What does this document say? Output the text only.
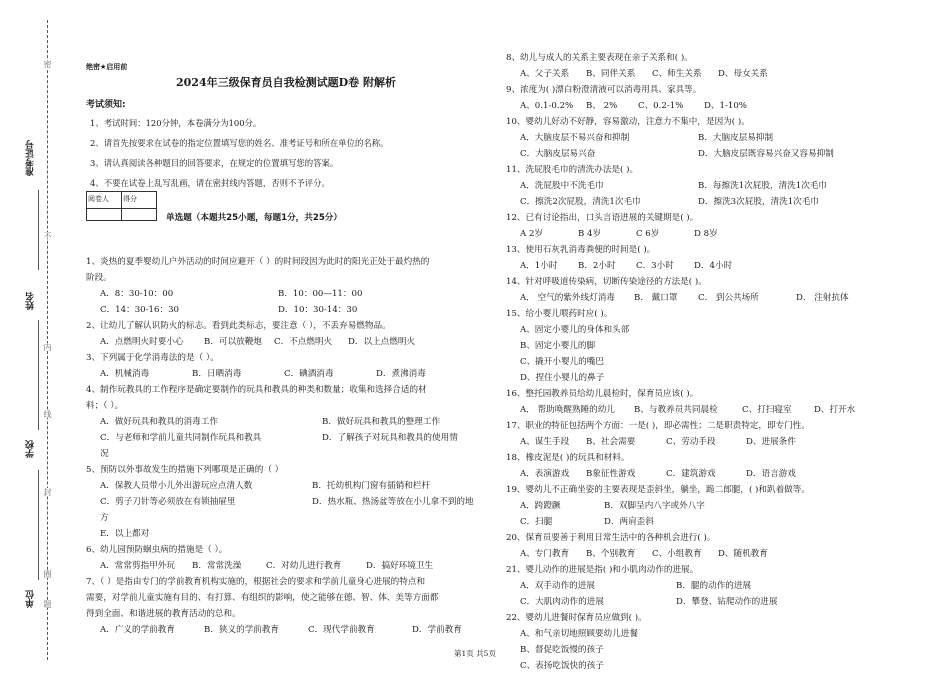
准考证号
姓名
学校
单位
密
不
内
线
封
圈
题
绝密★启用前
2024年三级保育员自我检测试题D卷 附解析
考试须知:
1、考试时间：120分钟，本卷满分为100分。
2、请首先按要求在试卷的指定位置填写您的姓名、准考证号和所在单位的名称。
3、请认真阅读各种题目的回答要求，在规定的位置填写您的答案。
4、不要在试卷上乱写乱画，请在密封线内答题，否则不予评分。
阅卷人	得分

单选题（本题共25小题，每题1分，共25分）
1、炎热的夏季婴幼儿户外活动的时间应避开（ ）的时间段因为此时的阳光正处于最灼热的
阶段。
A．8：30-10：00	B．10：00—11：00
C．14：30-16：30	D．10：30-14：30
2、让幼儿了解认识防火的标志。看到此类标志，要注意（ ），不丢弃易燃物品。
A．点燃明火时要小心 B．可以放鞭炮 C．不点燃明火 D．以上点燃明火
3、下列属于化学消毒法的是（ ）。
A．机械消毒	B．日晒消毒	C．碘酒消毒	D．煮沸消毒
4、制作玩教具的工作程序是确定要制作的玩具和教具的种类和数量；收集和选择合适的材
料；（ ）。
A．做好玩具和教具的消毒工作	B．做好玩具和教具的整理工作
C．与老师和学前儿童共同制作玩具和教具	D．了解孩子对玩具和教具的使用情
况
5、预防以外事故发生的措施下列哪项是正确的（ ）
A．保教人员带小儿外出游玩应点清人数	B．托幼机构门窗有插销和栏杆
C．剪子刀针等必须放在有锁抽屉里	D．热水瓶、热汤盆等放在小儿拿不到的地
方
E．以上都对
6、幼儿园预防蛔虫病的措施是（ ）。
A．常常剪指甲外玩 B．常常洗澡	C．对幼儿进行教育	D．搞好环境卫生
7、（ ）是指由专门的学前教育机构实施的，根据社会的要求和学前儿童身心进展的特点和
需要，对学前儿童实施有目的、有打算、有组织的影响，使之能够在德、智、体、美等方面都
得到全面、和谐进展的教育活动的总和。
A．广义的学前教育	B．狭义的学前教育	C．现代学前教育	D．学前教育
8、幼儿与成人的关系主要表现在亲子关系和( )。
A、父子关系 B、同伴关系 C、师生关系 D、母女关系
9、浓度为( )漂白粉澄清液可以消毒用具、家具等。
A、0.1-0.2% B、 2% C、0.2-1% D、1-10%
10、婴幼儿好动不好静，容易激动，注意力不集中，是因为( )。
A．大脑皮层不易兴奋和抑制	B．大脑皮层易抑制
C．大脑皮层易兴奋	D．大脑皮层既容易兴奋又容易抑制
11、洗屁股毛巾的清洗办法是( )。
A．洗屁股中不洗毛巾	B．每擦洗1次屁股，清洗1次毛巾
C．擦洗2次屁股，清洗1次毛巾	D．擦洗3次屁股，清洗1次毛巾
12、已有讨论指出，口头言语进展的关键期是( )。
A 2岁	B 4岁	C 6岁	D 8岁
13、使用石灰乳消毒粪便的时间是( )。
A．1小时 B．2小时 C．3小时 D．4小时
14、针对呼吸道传染病，切断传染途径的方法是( )。
A． 空气的紫外线灯消毒 B． 戴口罩 C． 到公共场所	D． 注射抗体
15、给小婴儿喂药时应( )。
A、固定小婴儿的身体和头部
B、固定小婴儿的脚
C、撬开小婴儿的嘴巴
D、捏住小婴儿的鼻子
16、整托园教养员给幼儿晨检时，保育员应该( )。
A． 帮助唤醒熟睡的幼儿 B、与教养员共同晨检	C、打扫寝室	D、打开水
17、职业的特征包括两个方面：一是( )，即必需性；二是职责特定，即专门性。
A、谋生手段 B、社会需要	C、劳动手段	D、进展条件
18、橡皮泥是( )的玩具和材料。
A．表演游戏 B象征性游戏	C．建筑游戏	D．语言游戏
19、婴幼儿不正确坐姿的主要表现是歪斜坐，躺坐，跪二郎腿，( )和趴着做等。
A．跨蹬蹶	B．双脚呈内八字或外八字
C．扫腿	D．两肩歪斜
20、保育员要善于利用日常生活中的各种机会进行( )。
A、专门教育 B、个别教育 C、小组教育 D、随机教育
21、婴儿动作的进展是指( )和小肌肉动作的进展。
A．双手动作的进展	B．腿的动作的进展
C．大肌肉动作的进展	D．攀登、钻爬动作的进展
22、婴幼儿进餐时保育员应做到( )。
A、和气亲切地照顾要幼儿进餐
B、督促吃饭慢的孩子
C、表扬吃饭快的孩子
第1页 共5页
